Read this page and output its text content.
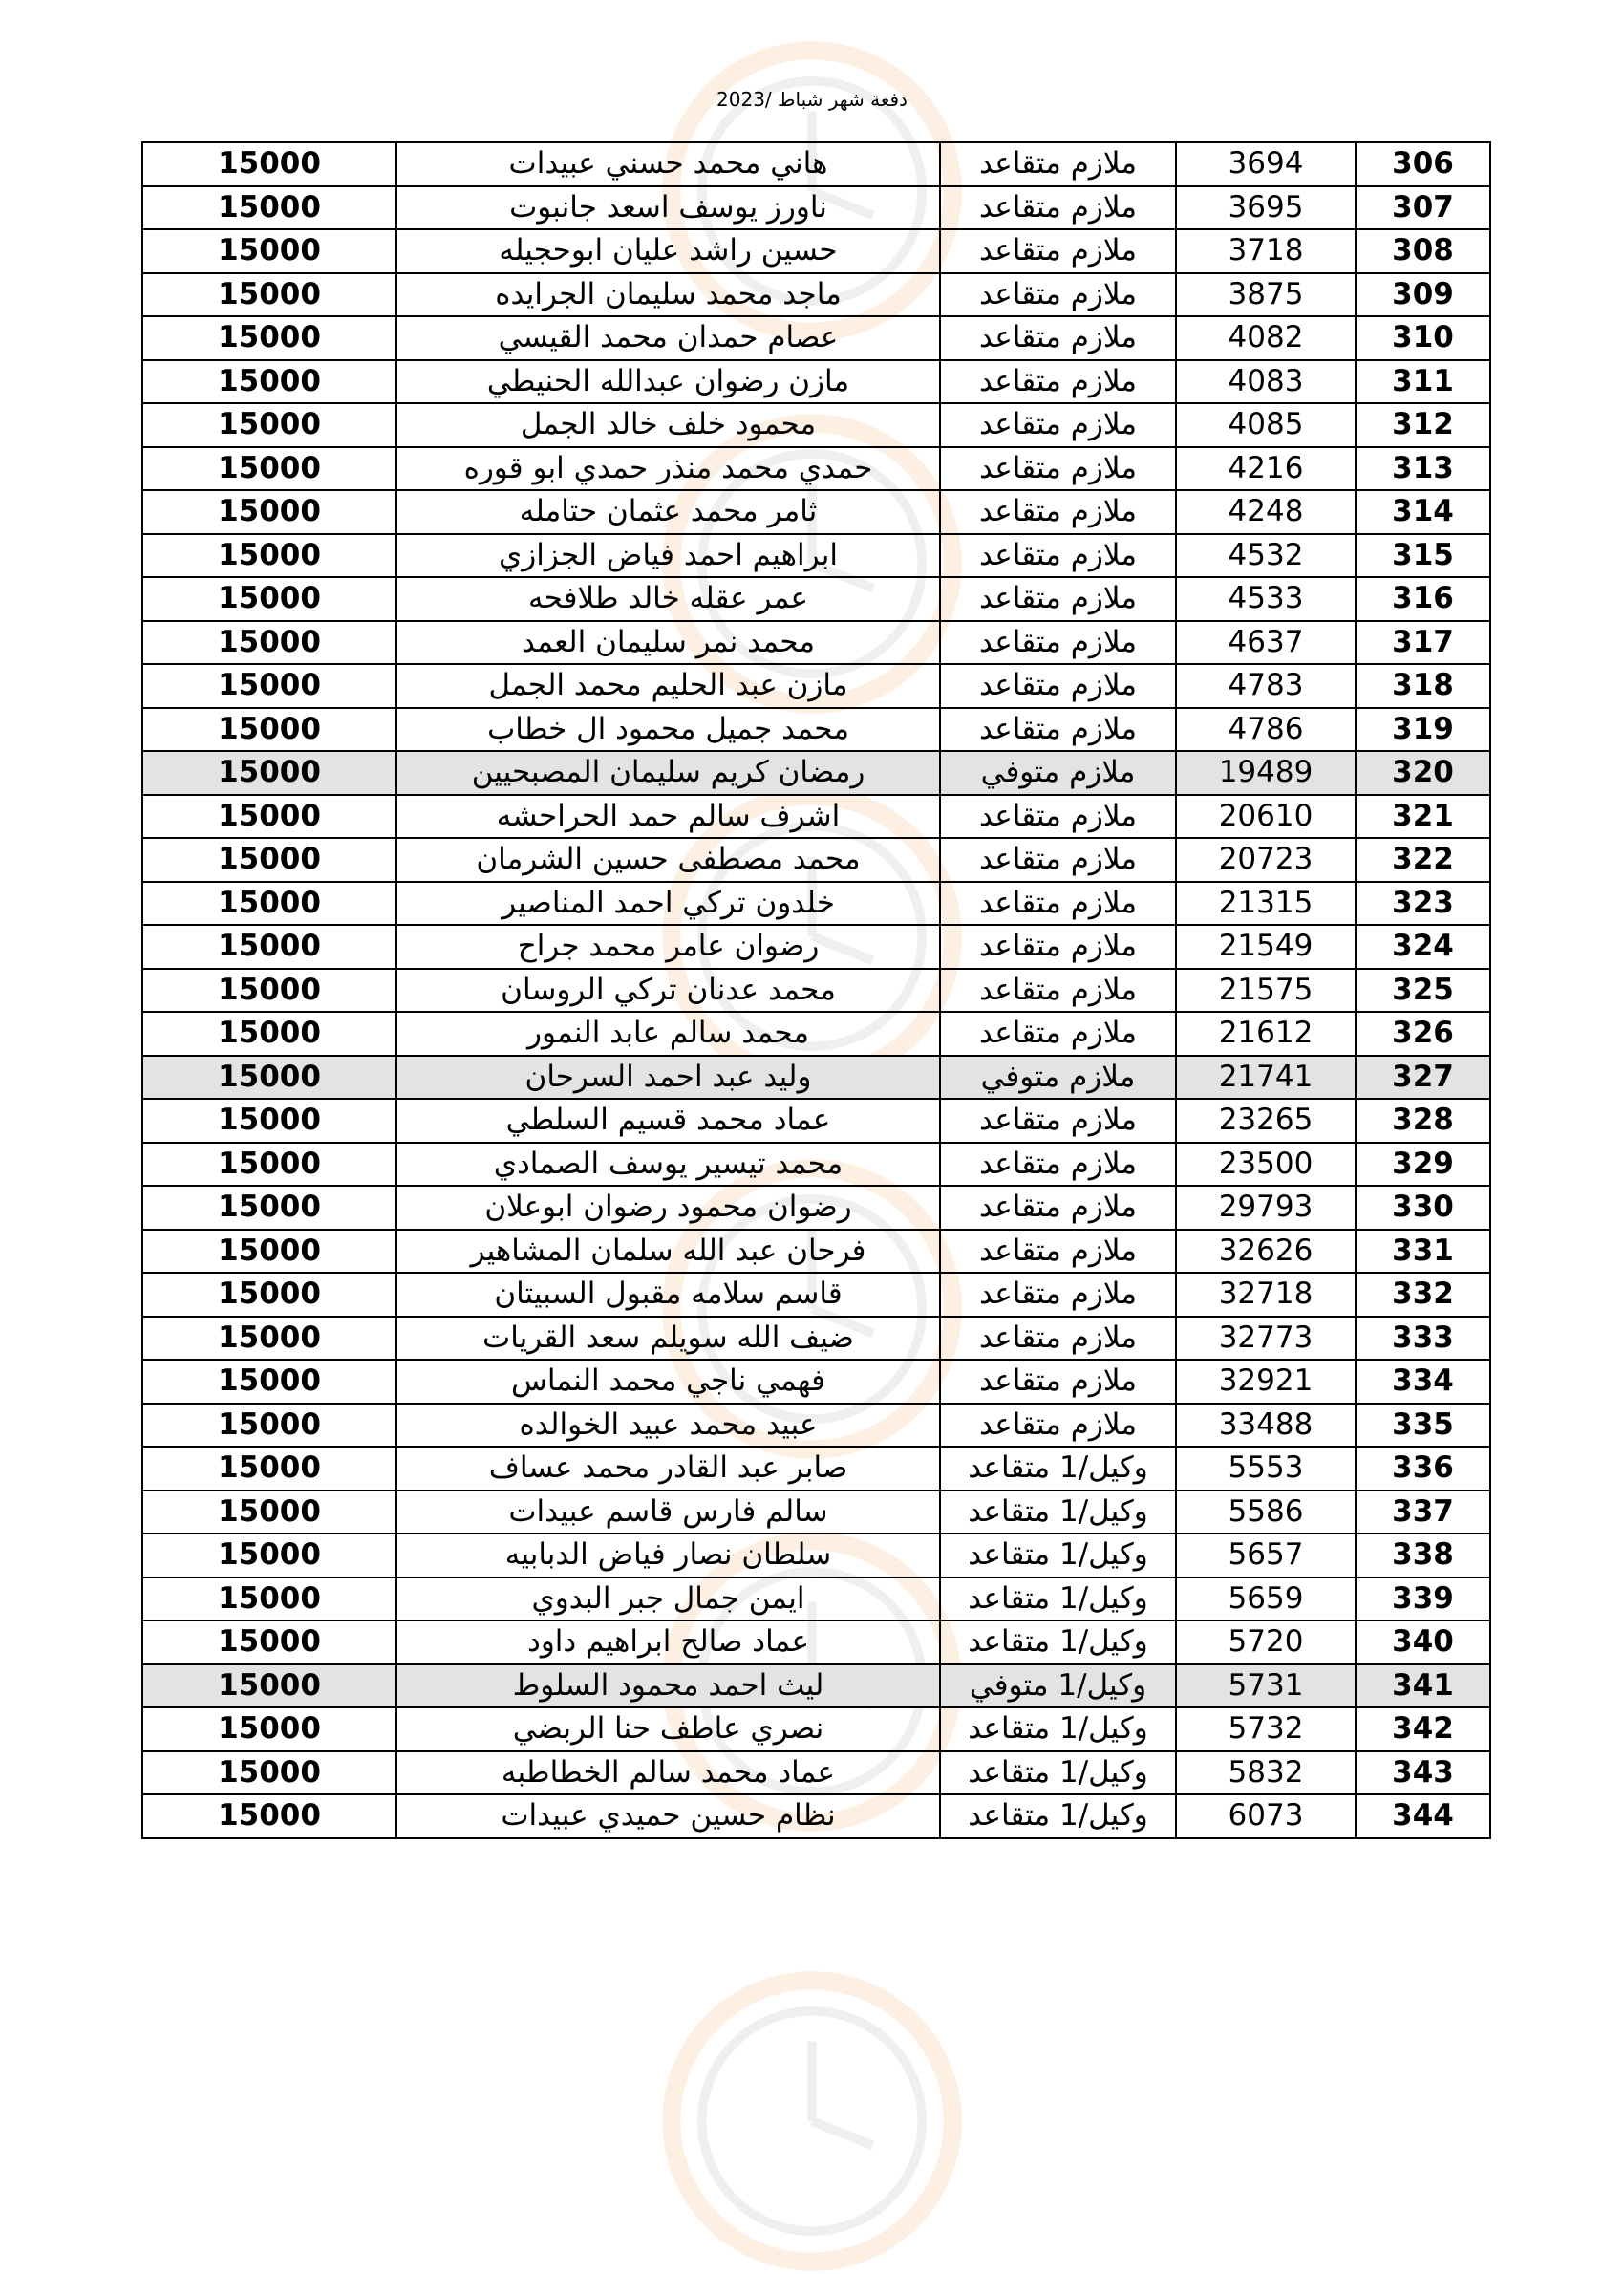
دفعة شهر شباط /2023
306	3694	ملازم متقاعد	هاني محمد حسني عبيدات	15000
307	3695	ملازم متقاعد	ناورز يوسف اسعد جانبوت	15000
308	3718	ملازم متقاعد	حسين راشد عليان ابوحجيله	15000
309	3875	ملازم متقاعد	ماجد محمد سليمان الجرايده	15000
310	4082	ملازم متقاعد	عصام حمدان محمد القيسي	15000
311	4083	ملازم متقاعد	مازن رضوان عبدالله الحنيطي	15000
312	4085	ملازم متقاعد	محمود خلف خالد الجمل	15000
313	4216	ملازم متقاعد	حمدي محمد منذر حمدي ابو قوره	15000
314	4248	ملازم متقاعد	ثامر محمد عثمان حتامله	15000
315	4532	ملازم متقاعد	ابراهيم احمد فياض الجزازي	15000
316	4533	ملازم متقاعد	عمر عقله خالد طلافحه	15000
317	4637	ملازم متقاعد	محمد نمر سليمان العمد	15000
318	4783	ملازم متقاعد	مازن عبد الحليم محمد الجمل	15000
319	4786	ملازم متقاعد	محمد جميل محمود ال خطاب	15000
320	19489	ملازم متوفي	رمضان كريم سليمان المصبحيين	15000
321	20610	ملازم متقاعد	اشرف سالم حمد الحراحشه	15000
322	20723	ملازم متقاعد	محمد مصطفى حسين الشرمان	15000
323	21315	ملازم متقاعد	خلدون تركي احمد المناصير	15000
324	21549	ملازم متقاعد	رضوان عامر محمد جراح	15000
325	21575	ملازم متقاعد	محمد عدنان تركي الروسان	15000
326	21612	ملازم متقاعد	محمد سالم عابد النمور	15000
327	21741	ملازم متوفي	وليد عبد احمد السرحان	15000
328	23265	ملازم متقاعد	عماد محمد قسيم السلطي	15000
329	23500	ملازم متقاعد	محمد تيسير يوسف الصمادي	15000
330	29793	ملازم متقاعد	رضوان محمود رضوان ابوعلان	15000
331	32626	ملازم متقاعد	فرحان عبد الله سلمان المشاهير	15000
332	32718	ملازم متقاعد	قاسم سلامه مقبول السبيتان	15000
333	32773	ملازم متقاعد	ضيف الله سويلم سعد القريات	15000
334	32921	ملازم متقاعد	فهمي ناجي محمد النماس	15000
335	33488	ملازم متقاعد	عبيد محمد عبيد الخوالده	15000
336	5553	وكيل/1 متقاعد	صابر عبد القادر محمد عساف	15000
337	5586	وكيل/1 متقاعد	سالم فارس قاسم عبيدات	15000
338	5657	وكيل/1 متقاعد	سلطان نصار فياض الدبابيه	15000
339	5659	وكيل/1 متقاعد	ايمن جمال جبر البدوي	15000
340	5720	وكيل/1 متقاعد	عماد صالح ابراهيم داود	15000
341	5731	وكيل/1 متوفي	ليث احمد محمود السلوط	15000
342	5732	وكيل/1 متقاعد	نصري عاطف حنا الربضي	15000
343	5832	وكيل/1 متقاعد	عماد محمد سالم الخطاطبه	15000
344	6073	وكيل/1 متقاعد	نظام حسين حميدي عبيدات	15000
